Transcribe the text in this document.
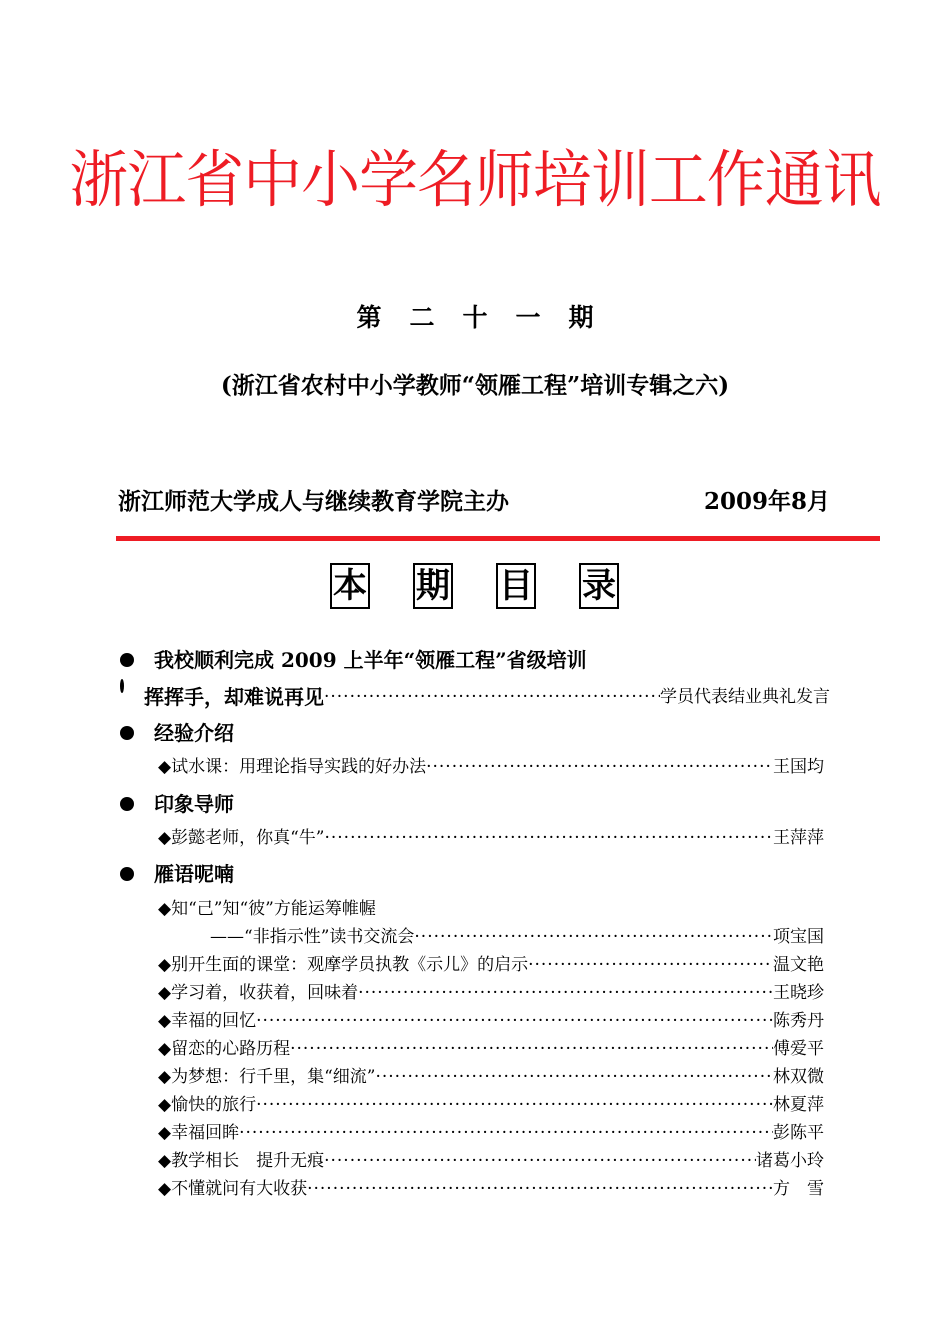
浙江省中小学名师培训工作通讯
第二十一期
(浙江省农村中小学教师“领雁工程”培训专辑之六)
浙江师范大学成人与继续教育学院主办	2009年8月
本 期 目 录
我校顺利完成 2009 上半年“领雁工程”省级培训
挥挥手，却难说再见 ·····	学员代表结业典礼发言
经验介绍
◆试水课：用理论指导实践的好办法 ·····	王国均
印象导师
◆彭懿老师，你真“牛” ·····	王萍萍
雁语呢喃
◆知“己”知“彼”方能运筹帷幄
——“非指示性”读书交流会 ·····	项宝国
◆别开生面的课堂：观摩学员执教《示儿》的启示 ·····	温文艳
◆学习着，收获着，回味着 ·····	王晓珍
◆幸福的回忆 ·····	陈秀丹
◆留恋的心路历程 ·····	傅爱平
◆为梦想：行千里，集“细流” ·····	林双微
◆愉快的旅行 ·····	林夏萍
◆幸福回眸 ·····	彭陈平
◆教学相长　提升无痕 ·····	诸葛小玲
◆不懂就问有大收获 ·····	方　雪
